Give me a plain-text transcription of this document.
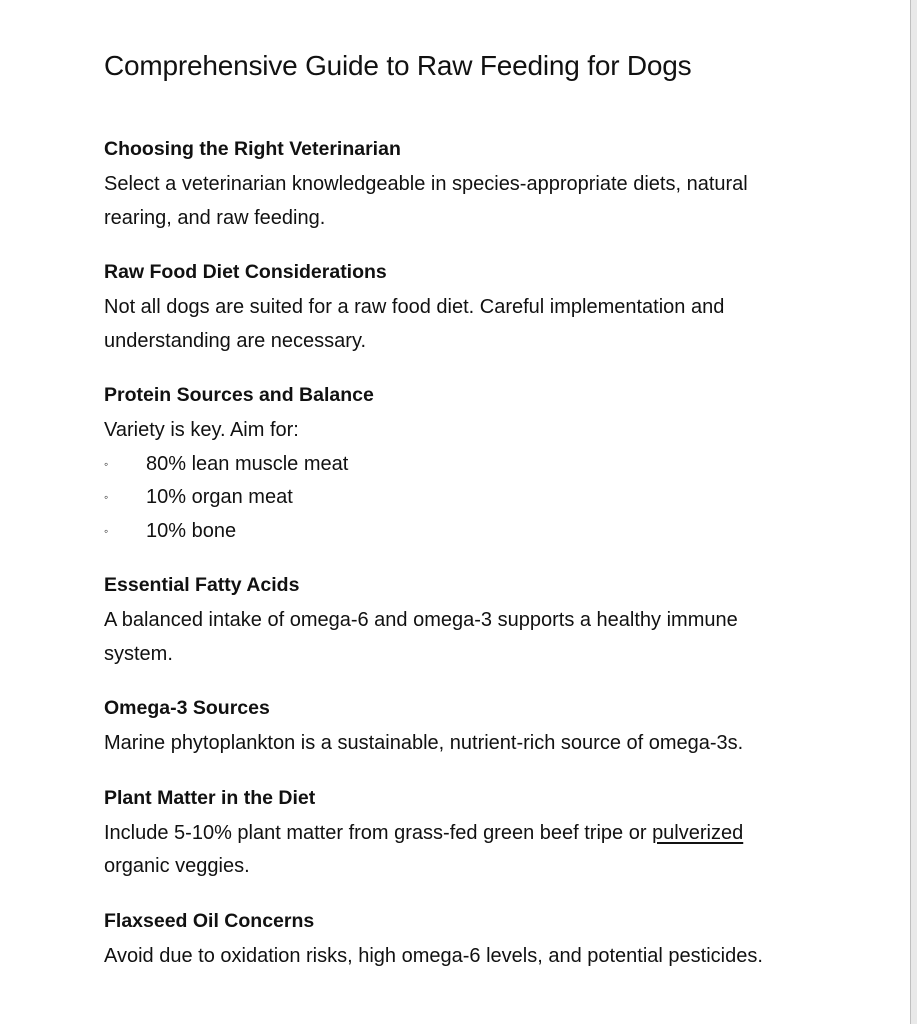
Comprehensive Guide to Raw Feeding for Dogs
Choosing the Right Veterinarian

Select a veterinarian knowledgeable in species-appropriate diets, natural rearing, and raw feeding.

Raw Food Diet Considerations

Not all dogs are suited for a raw food diet. Careful implementation and understanding are necessary.

Protein Sources and Balance

Variety is key. Aim for:

◦ 80% lean muscle meat
◦ 10% organ meat
◦ 10% bone
Essential Fatty Acids

A balanced intake of omega-6 and omega-3 supports a healthy immune system.

Omega-3 Sources

Marine phytoplankton is a sustainable, nutrient-rich source of omega-3s.

Plant Matter in the Diet

Include 5-10% plant matter from grass-fed green beef tripe or pulverized organic veggies.

Flaxseed Oil Concerns

Avoid due to oxidation risks, high omega-6 levels, and potential pesticides.
